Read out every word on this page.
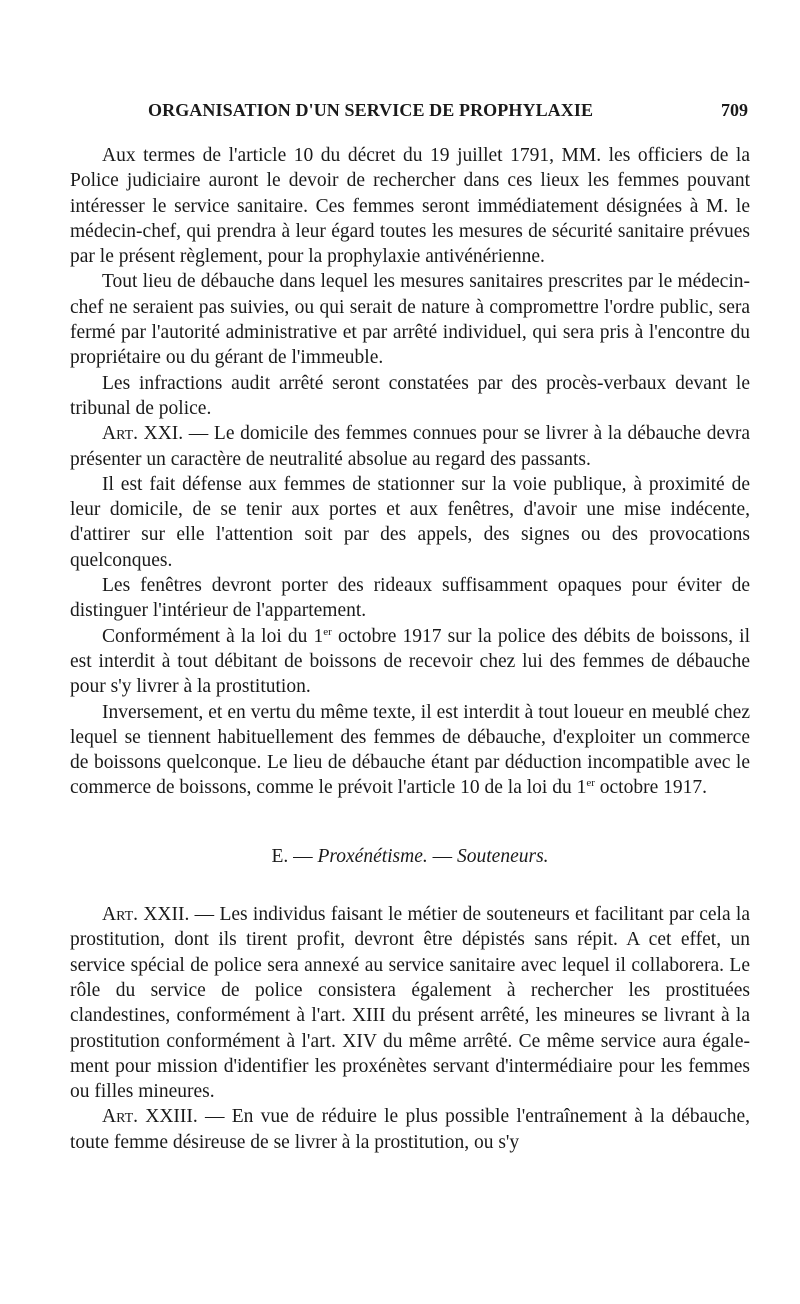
ORGANISATION D'UN SERVICE DE PROPHYLAXIE	709

Aux termes de l'article 10 du décret du 19 juillet 1791, MM. les officiers de la Police judiciaire auront le devoir de rechercher dans ces lieux les femmes pouvant intéresser le service sanitaire. Ces femmes seront immédiatement désignées à M. le médecin-chef, qui prendra à leur égard toutes les mesures de sécurité sanitaire prévues par le présent règlement, pour la prophylaxie antivénérienne.

Tout lieu de débauche dans lequel les mesures sanitaires prescrites par le médecin-chef ne seraient pas suivies, ou qui serait de nature à compromettre l'ordre public, sera fermé par l'autorité administrative et par arrêté individuel, qui sera pris à l'encontre du propriétaire ou du gérant de l'immeuble.

Les infractions audit arrêté seront constatées par des procès-verbaux devant le tribunal de police.

Art. XXI. — Le domicile des femmes connues pour se livrer à la débauche devra présenter un caractère de neutralité absolue au regard des passants.

Il est fait défense aux femmes de stationner sur la voie publique, à proximité de leur domicile, de se tenir aux portes et aux fenêtres, d'avoir une mise indécente, d'attirer sur elle l'attention soit par des appels, des signes ou des provocations quelconques.

Les fenêtres devront porter des rideaux suffisamment opaques pour éviter de distinguer l'intérieur de l'appartement.

Conformément à la loi du 1er octobre 1917 sur la police des débits de boissons, il est interdit à tout débitant de boissons de recevoir chez lui des femmes de débauche pour s'y livrer à la prostitution.

Inversement, et en vertu du même texte, il est interdit à tout loueur en meublé chez lequel se tiennent habituellement des femmes de débauche, d'exploiter un commerce de boissons quelconque. Le lieu de débauche étant par déduction incompatible avec le commerce de boissons, comme le prévoit l'article 10 de la loi du 1er octobre 1917.

E. — Proxénétisme. — Souteneurs.

Art. XXII. — Les individus faisant le métier de souteneurs et facilitant par cela la prostitution, dont ils tirent profit, devront être dépistés sans répit. A cet effet, un service spécial de police sera annexé au service sanitaire avec lequel il collaborera. Le rôle du service de police consistera également à rechercher les prostituées clandestines, conformément à l'art. XIII du présent arrêté, les mineures se livrant à la prostitution conformément à l'art. XIV du même arrêté. Ce même service aura également pour mission d'identifier les proxénètes servant d'intermédiaire pour les femmes ou filles mineures.

Art. XXIII. — En vue de réduire le plus possible l'entraînement à la débauche, toute femme désireuse de se livrer à la prostitution, ou s'y
